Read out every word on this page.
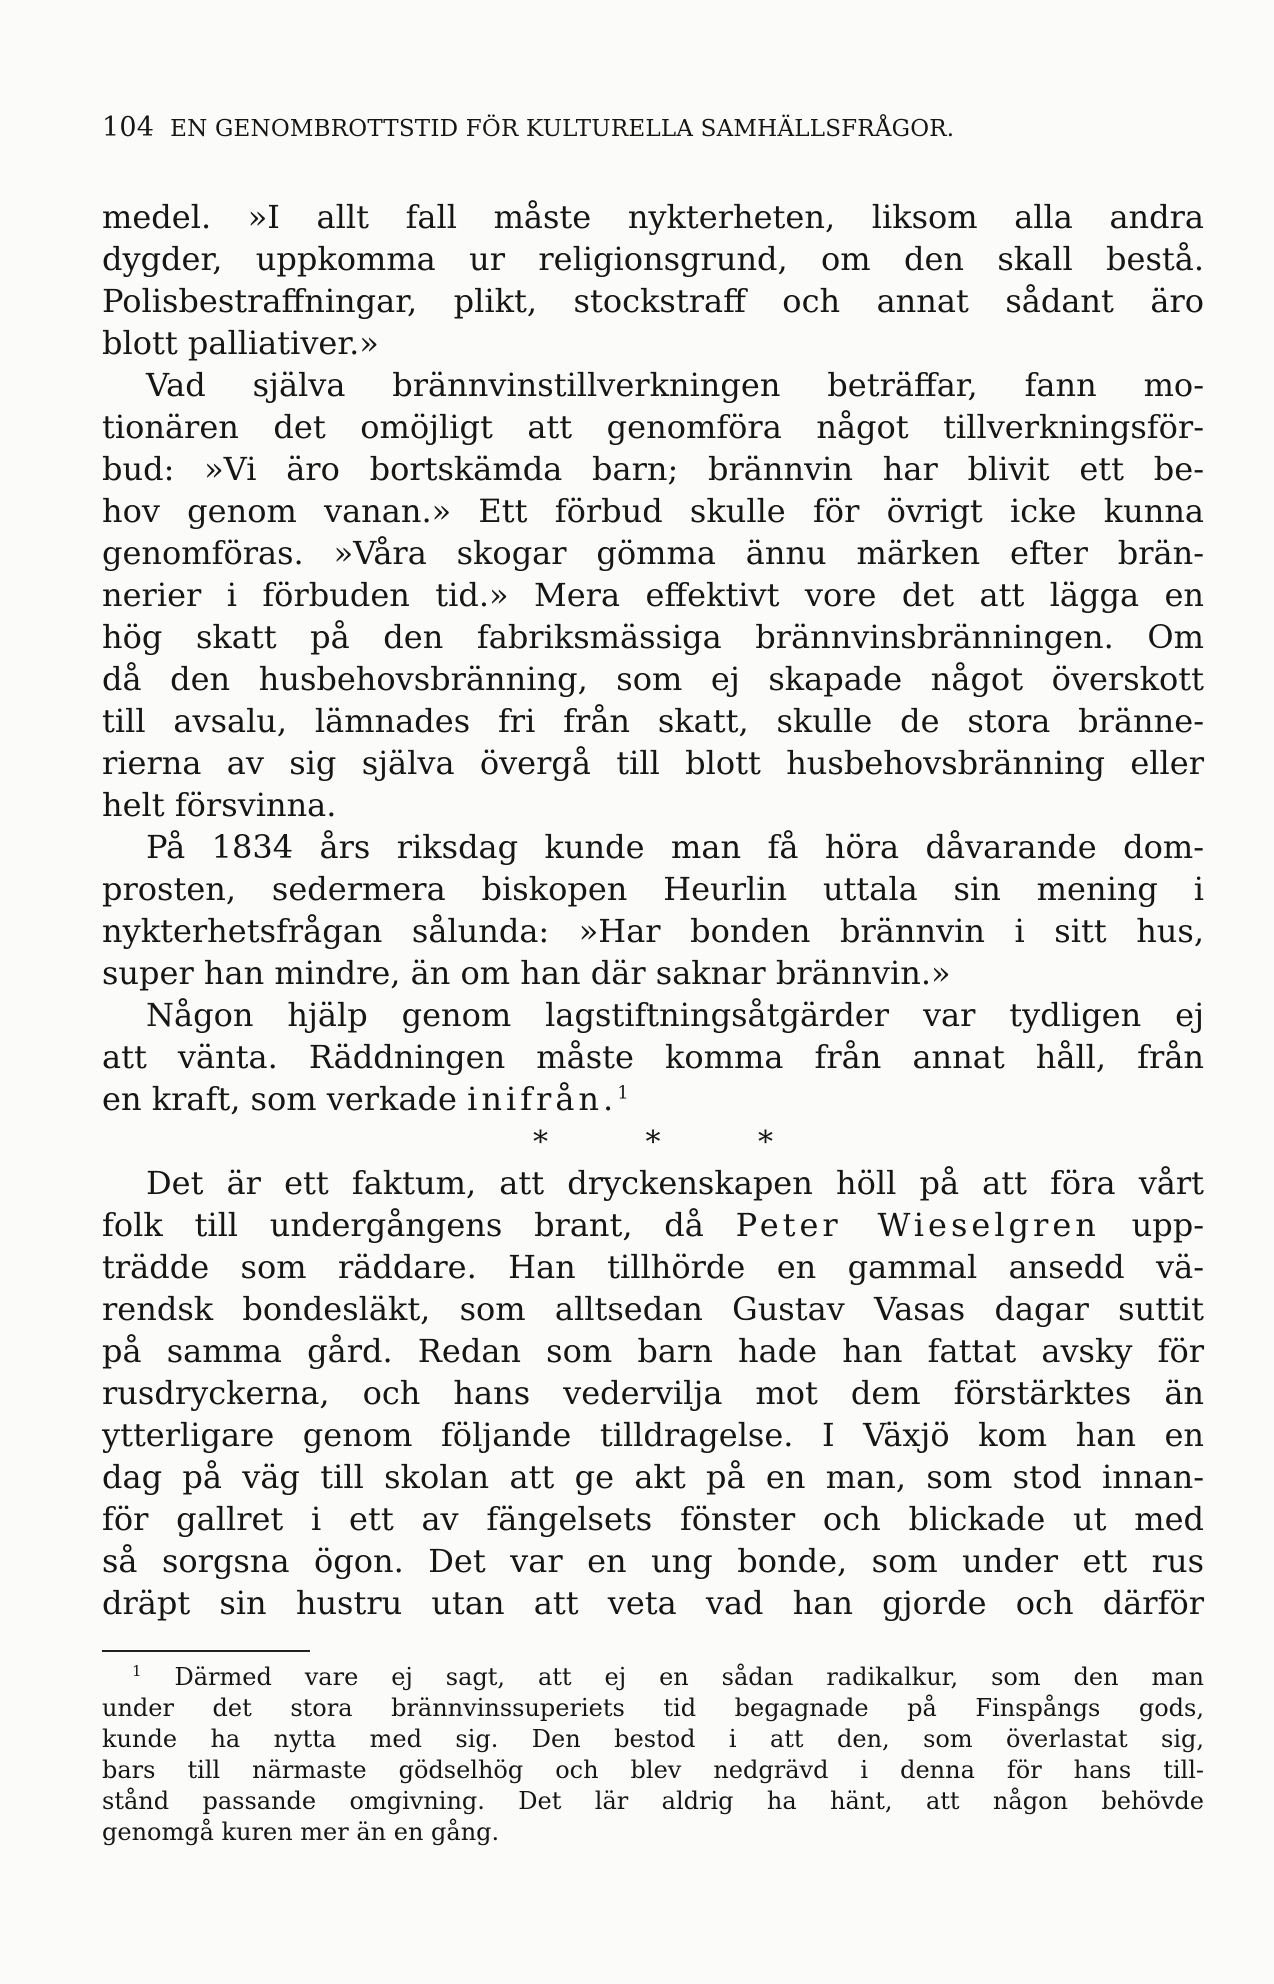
104 EN GENOMBROTTSTID FÖR KULTURELLA SAMHÄLLSFRÅGOR.
medel. »I allt fall måste nykterheten, liksom alla andra
dygder, uppkomma ur religionsgrund, om den skall bestå.
Polisbestraffningar, plikt, stockstraff och annat sådant äro
blott palliativer.»
Vad själva brännvinstillverkningen beträffar, fann mo-
tionären det omöjligt att genomföra något tillverkningsför-
bud: »Vi äro bortskämda barn; brännvin har blivit ett be-
hov genom vanan.» Ett förbud skulle för övrigt icke kunna
genomföras. »Våra skogar gömma ännu märken efter brän-
nerier i förbuden tid.» Mera effektivt vore det att lägga en
hög skatt på den fabriksmässiga brännvinsbränningen. Om
då den husbehovsbränning, som ej skapade något överskott
till avsalu, lämnades fri från skatt, skulle de stora bränne-
rierna av sig själva övergå till blott husbehovsbränning eller
helt försvinna.
På 1834 års riksdag kunde man få höra dåvarande dom-
prosten, sedermera biskopen Heurlin uttala sin mening i
nykterhetsfrågan sålunda: »Har bonden brännvin i sitt hus,
super han mindre, än om han där saknar brännvin.»
Någon hjälp genom lagstiftningsåtgärder var tydligen ej
att vänta. Räddningen måste komma från annat håll, från
en kraft, som verkade inifrån.$^1$
* * *
Det är ett faktum, att dryckenskapen höll på att föra vårt
folk till undergångens brant, då Peter Wieselgren upp-
trädde som räddare. Han tillhörde en gammal ansedd vä-
rendsk bondesläkt, som alltsedan Gustav Vasas dagar suttit
på samma gård. Redan som barn hade han fattat avsky för
rusdryckerna, och hans vedervilja mot dem förstärktes än
ytterligare genom följande tilldragelse. I Växjö kom han en
dag på väg till skolan att ge akt på en man, som stod innan-
för gallret i ett av fängelsets fönster och blickade ut med
så sorgsna ögon. Det var en ung bonde, som under ett rus
dräpt sin hustru utan att veta vad han gjorde och därför
$^1$ Därmed vare ej sagt, att ej en sådan radikalkur, som den man
under det stora brännvinssuperiets tid begagnade på Finspångs gods,
kunde ha nytta med sig. Den bestod i att den, som överlastat sig,
bars till närmaste gödselhög och blev nedgrävd i denna för hans till-
stånd passande omgivning. Det lär aldrig ha hänt, att någon behövde
genomgå kuren mer än en gång.
